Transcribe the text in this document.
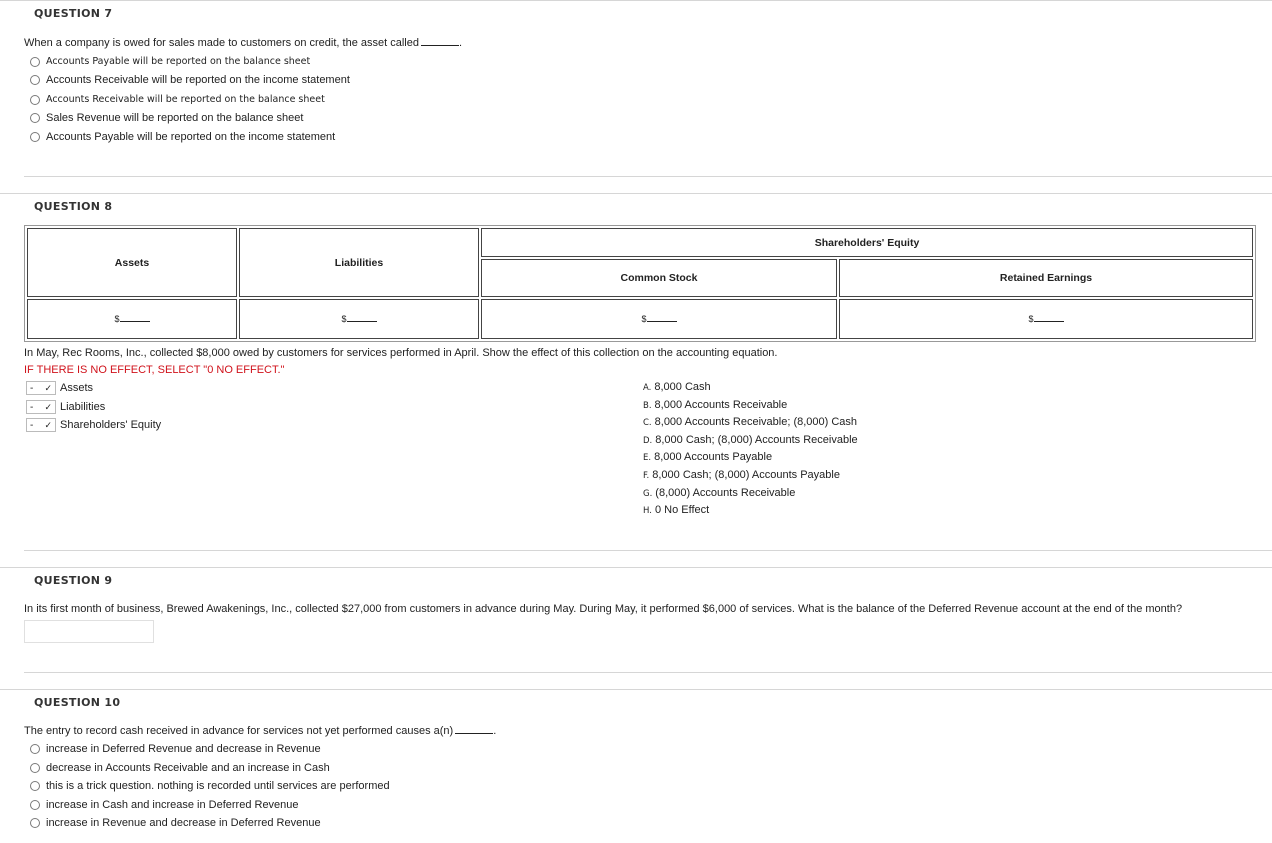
QUESTION 7
When a company is owed for sales made to customers on credit, the asset called	.
Accounts Payable will be reported on the balance sheet
Accounts Receivable will be reported on the income statement
Accounts Receivable will be reported on the balance sheet
Sales Revenue will be reported on the balance sheet
Accounts Payable will be reported on the income statement
QUESTION 8
Assets	Liabilities	Shareholders' Equity	
		Common Stock	Retained Earnings
$	$	$	$
In May, Rec Rooms, Inc., collected $8,000 owed by customers for services performed in April. Show the effect of this collection on the accounting equation.
IF THERE IS NO EFFECT, SELECT "0 NO EFFECT."
- ✓ Assets
- ✓ Liabilities
- ✓ Shareholders' Equity
A. 8,000 Cash
B. 8,000 Accounts Receivable
C. 8,000 Accounts Receivable; (8,000) Cash
D. 8,000 Cash; (8,000) Accounts Receivable
E. 8,000 Accounts Payable
F. 8,000 Cash; (8,000) Accounts Payable
G. (8,000) Accounts Receivable
H. 0 No Effect
QUESTION 9
In its first month of business, Brewed Awakenings, Inc., collected $27,000 from customers in advance during May. During May, it performed $6,000 of services. What is the balance of the Deferred Revenue account at the end of the month?
QUESTION 10
The entry to record cash received in advance for services not yet performed causes a(n)	.
increase in Deferred Revenue and decrease in Revenue
decrease in Accounts Receivable and an increase in Cash
this is a trick question. nothing is recorded until services are performed
increase in Cash and increase in Deferred Revenue
increase in Revenue and decrease in Deferred Revenue
